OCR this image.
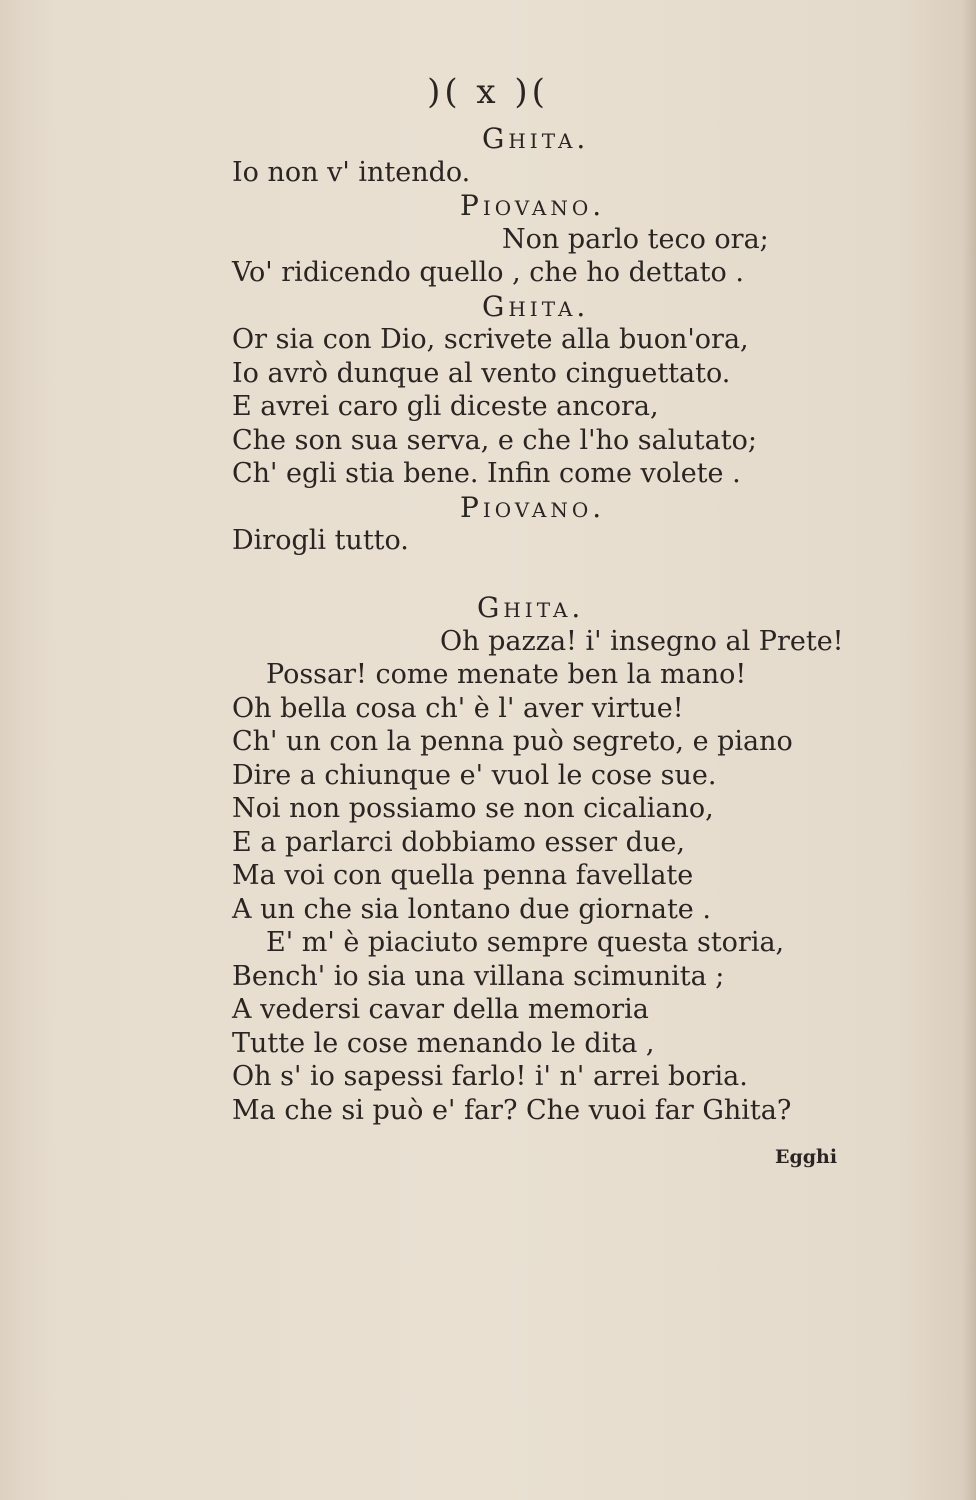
)( x )(
Ghita.
Io non v' intendo.
Piovano.
Non parlo teco ora;
Vo' ridicendo quello , che ho dettato .
Ghita.
Or sia con Dio, scrivete alla buon'ora,
Io avrò dunque al vento cinguettato.
E avrei caro gli diceste ancora,
Che son sua serva, e che l'ho salutato;
Ch' egli stia bene. Infin come volete .
Piovano.
Dirogli tutto.
Ghita.
Oh pazza! i' insegno al Prete!
Possar! come menate ben la mano!
Oh bella cosa ch' è l' aver virtue!
Ch' un con la penna può segreto, e piano
Dire a chiunque e' vuol le cose sue.
Noi non possiamo se non cicaliano,
E a parlarci dobbiamo esser due,
Ma voi con quella penna favellate
A un che sia lontano due giornate .
E' m' è piaciuto sempre questa storia,
Bench' io sia una villana scimunita ;
A vedersi cavar della memoria
Tutte le cose menando le dita ,
Oh s' io sapessi farlo! i' n' arrei boria.
Ma che si può e' far? Che vuoi far Ghita?
Egghi
